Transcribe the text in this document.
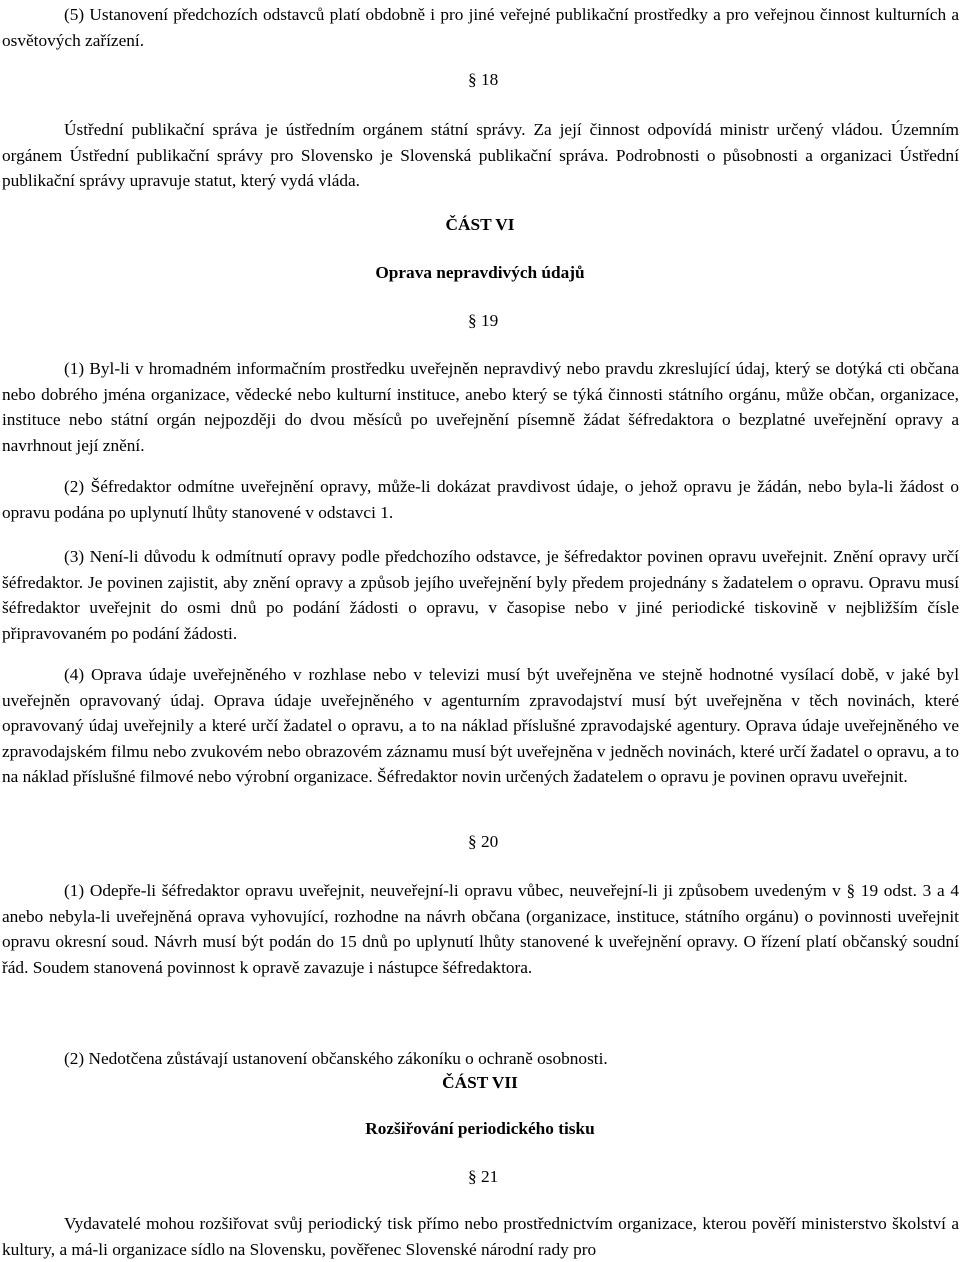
(5) Ustanovení předchozích odstavců platí obdobně i pro jiné veřejné publikační prostředky a pro veřejnou činnost kulturních a osvětových zařízení.

§ 18

Ústřední publikační správa je ústředním orgánem státní správy. Za její činnost odpovídá ministr určený vládou. Územním orgánem Ústřední publikační správy pro Slovensko je Slovenská publikační správa. Podrobnosti o působnosti a organizaci Ústřední publikační správy upravuje statut, který vydá vláda.

ČÁST VI

Oprava nepravdivých údajů

§ 19

(1) Byl-li v hromadném informačním prostředku uveřejněn nepravdivý nebo pravdu zkreslující údaj, který se dotýká cti občana nebo dobrého jména organizace, vědecké nebo kulturní instituce, anebo který se týká činnosti státního orgánu, může občan, organizace, instituce nebo státní orgán nejpozději do dvou měsíců po uveřejnění písemně žádat šéfredaktora o bezplatné uveřejnění opravy a navrhnout její znění.

(2) Šéfredaktor odmítne uveřejnění opravy, může-li dokázat pravdivost údaje, o jehož opravu je žádán, nebo byla-li žádost o opravu podána po uplynutí lhůty stanovené v odstavci 1.

(3) Není-li důvodu k odmítnutí opravy podle předchozího odstavce, je šéfredaktor povinen opravu uveřejnit. Znění opravy určí šéfredaktor. Je povinen zajistit, aby znění opravy a způsob jejího uveřejnění byly předem projednány s žadatelem o opravu. Opravu musí šéfredaktor uveřejnit do osmi dnů po podání žádosti o opravu, v časopise nebo v jiné periodické tiskovině v nejbližším čísle připravovaném po podání žádosti.

(4) Oprava údaje uveřejněného v rozhlase nebo v televizi musí být uveřejněna ve stejně hodnotné vysílací době, v jaké byl uveřejněn opravovaný údaj. Oprava údaje uveřejněného v agenturním zpravodajství musí být uveřejněna v těch novinách, které opravovaný údaj uveřejnily a které určí žadatel o opravu, a to na náklad příslušné zpravodajské agentury. Oprava údaje uveřejněného ve zpravodajském filmu nebo zvukovém nebo obrazovém záznamu musí být uveřejněna v jedněch novinách, které určí žadatel o opravu, a to na náklad příslušné filmové nebo výrobní organizace. Šéfredaktor novin určených žadatelem o opravu je povinen opravu uveřejnit.

§ 20

(1) Odepře-li šéfredaktor opravu uveřejnit, neuveřejní-li opravu vůbec, neuveřejní-li ji způsobem uvedeným v § 19 odst. 3 a 4 anebo nebyla-li uveřejněná oprava vyhovující, rozhodne na návrh občana (organizace, instituce, státního orgánu) o povinnosti uveřejnit opravu okresní soud. Návrh musí být podán do 15 dnů po uplynutí lhůty stanovené k uveřejnění opravy. O řízení platí občanský soudní řád. Soudem stanovená povinnost k opravě zavazuje i nástupce šéfredaktora.

(2) Nedotčena zůstávají ustanovení občanského zákoníku o ochraně osobnosti.

ČÁST VII

Rozšiřování periodického tisku

§ 21

Vydavatelé mohou rozšiřovat svůj periodický tisk přímo nebo prostřednictvím organizace, kterou pověří ministerstvo školství a kultury, a má-li organizace sídlo na Slovensku, pověřenec Slovenské národní rady pro
